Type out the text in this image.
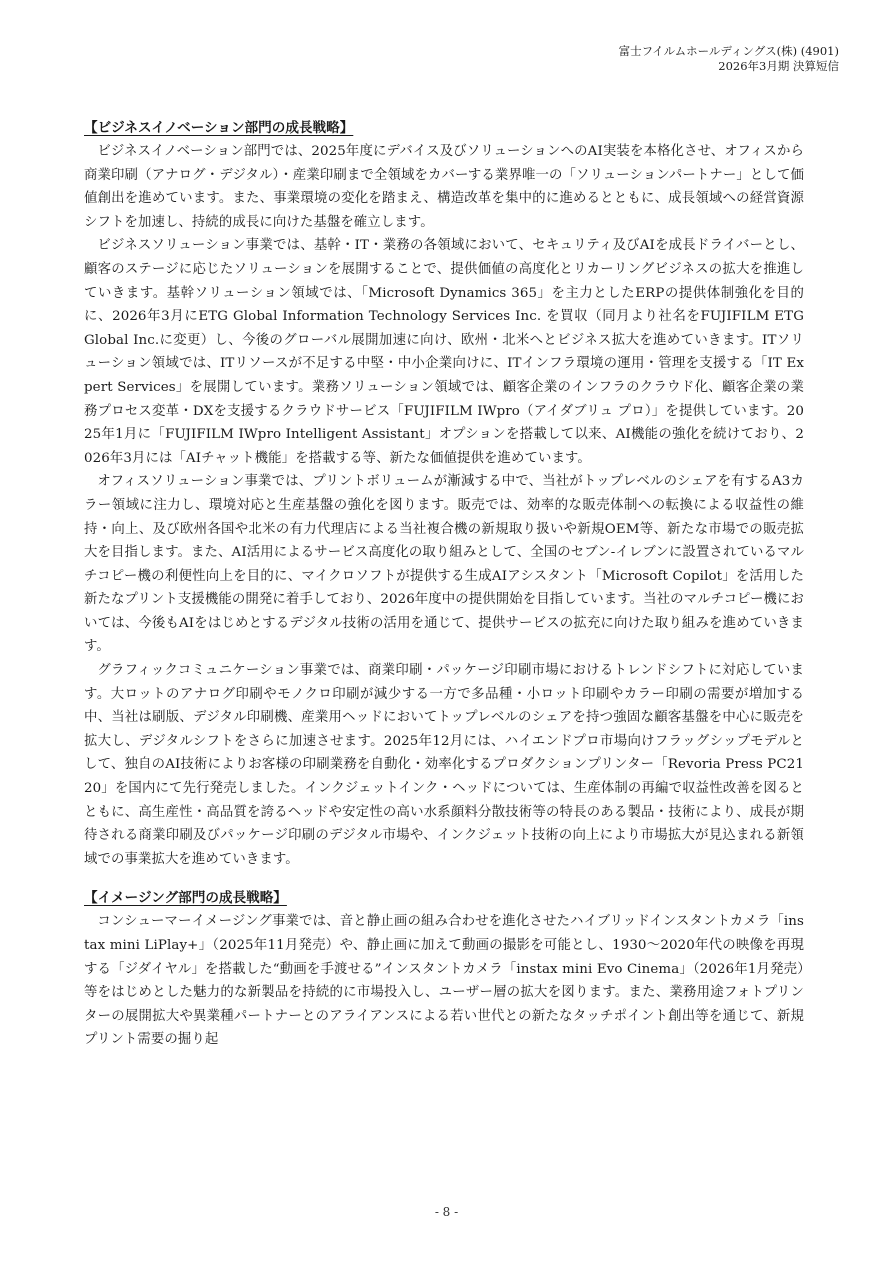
富士フイルムホールディングス(株) (4901)
2026年3月期 決算短信
【ビジネスイノベーション部門の成長戦略】

ビジネスイノベーション部門では、2025年度にデバイス及びソリューションへのAI実装を本格化させ、オフィスから商業印刷（アナログ・デジタル）・産業印刷まで全領域をカバーする業界唯一の「ソリューションパートナー」として価値創出を進めています。また、事業環境の変化を踏まえ、構造改革を集中的に進めるとともに、成長領域への経営資源シフトを加速し、持続的成長に向けた基盤を確立します。

ビジネスソリューション事業では、基幹・IT・業務の各領域において、セキュリティ及びAIを成長ドライバーとし、顧客のステージに応じたソリューションを展開することで、提供価値の高度化とリカーリングビジネスの拡大を推進していきます。基幹ソリューション領域では、「Microsoft Dynamics 365」を主力としたERPの提供体制強化を目的に、2026年3月にETG Global Information Technology Services Inc. を買収（同月より社名をFUJIFILM ETG Global Inc.に変更）し、今後のグローバル展開加速に向け、欧州・北米へとビジネス拡大を進めていきます。ITソリューション領域では、ITリソースが不足する中堅・中小企業向けに、ITインフラ環境の運用・管理を支援する「IT Expert Services」を展開しています。業務ソリューション領域では、顧客企業のインフラのクラウド化、顧客企業の業務プロセス変革・DXを支援するクラウドサービス「FUJIFILM IWpro（アイダブリュ プロ）」を提供しています。2025年1月に「FUJIFILM IWpro Intelligent Assistant」オプションを搭載して以来、AI機能の強化を続けており、2026年3月には「AIチャット機能」を搭載する等、新たな価値提供を進めています。

オフィスソリューション事業では、プリントボリュームが漸減する中で、当社がトップレベルのシェアを有するA3カラー領域に注力し、環境対応と生産基盤の強化を図ります。販売では、効率的な販売体制への転換による収益性の維持・向上、及び欧州各国や北米の有力代理店による当社複合機の新規取り扱いや新規OEM等、新たな市場での販売拡大を目指します。また、AI活用によるサービス高度化の取り組みとして、全国のセブン-イレブンに設置されているマルチコピー機の利便性向上を目的に、マイクロソフトが提供する生成AIアシスタント「Microsoft Copilot」を活用した新たなプリント支援機能の開発に着手しており、2026年度中の提供開始を目指しています。当社のマルチコピー機においては、今後もAIをはじめとするデジタル技術の活用を通じて、提供サービスの拡充に向けた取り組みを進めていきます。

グラフィックコミュニケーション事業では、商業印刷・パッケージ印刷市場におけるトレンドシフトに対応しています。大ロットのアナログ印刷やモノクロ印刷が減少する一方で多品種・小ロット印刷やカラー印刷の需要が増加する中、当社は刷版、デジタル印刷機、産業用ヘッドにおいてトップレベルのシェアを持つ強固な顧客基盤を中心に販売を拡大し、デジタルシフトをさらに加速させます。2025年12月には、ハイエンドプロ市場向けフラッグシップモデルとして、独自のAI技術によりお客様の印刷業務を自動化・効率化するプロダクションプリンター「Revoria Press PC2120」を国内にて先行発売しました。インクジェットインク・ヘッドについては、生産体制の再編で収益性改善を図るとともに、高生産性・高品質を誇るヘッドや安定性の高い水系顔料分散技術等の特長のある製品・技術により、成長が期待される商業印刷及びパッケージ印刷のデジタル市場や、インクジェット技術の向上により市場拡大が見込まれる新領域での事業拡大を進めていきます。

【イメージング部門の成長戦略】

コンシューマーイメージング事業では、音と静止画の組み合わせを進化させたハイブリッドインスタントカメラ「instax mini LiPlay+」（2025年11月発売）や、静止画に加えて動画の撮影を可能とし、1930～2020年代の映像を再現する「ジダイヤル」を搭載した“動画を手渡せる”インスタントカメラ「instax mini Evo Cinema」（2026年1月発売）等をはじめとした魅力的な新製品を持続的に市場投入し、ユーザー層の拡大を図ります。また、業務用途フォトプリンターの展開拡大や異業種パートナーとのアライアンスによる若い世代との新たなタッチポイント創出等を通じて、新規プリント需要の掘り起

- 8 -
